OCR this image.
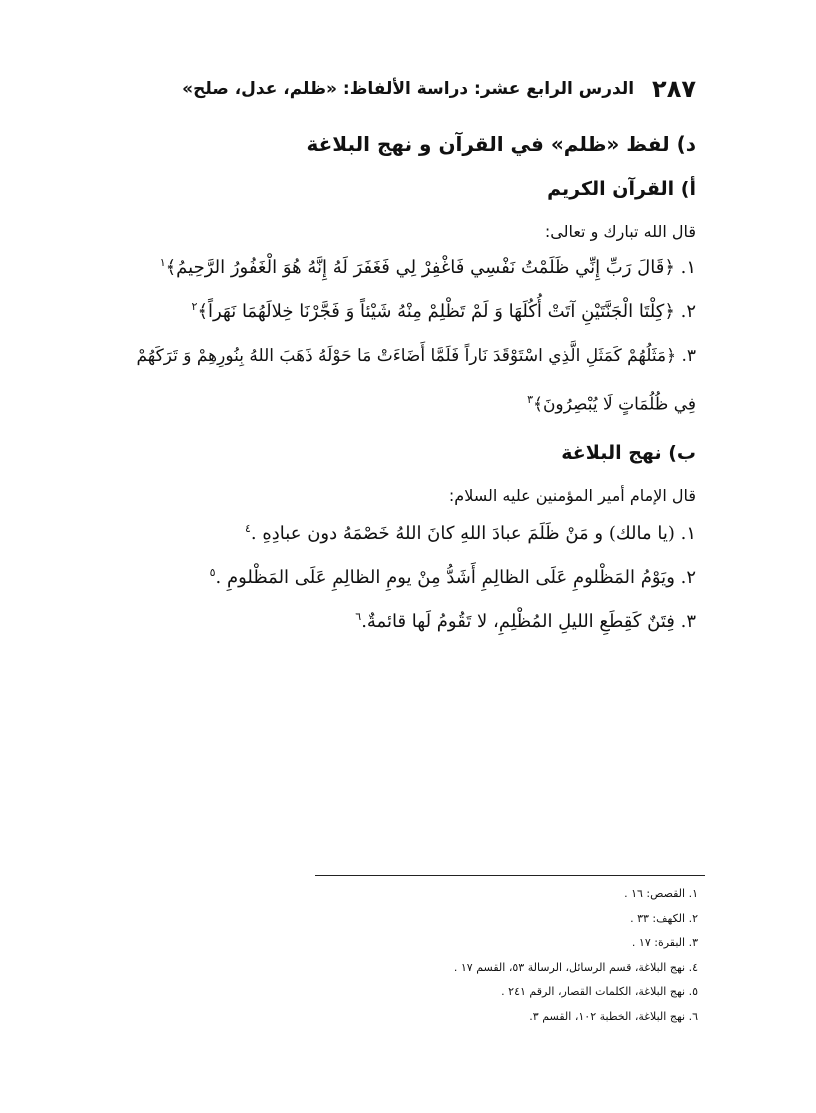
٢٨٧
الدرس الرابع عشر: دراسة الألفاظ: «ظلم، عدل، صلح»
د) لفظ «ظلم» في القرآن و نهج البلاغة
أ) القرآن الكريم
قال الله تبارك و تعالى:
١. ﴿قَالَ رَبِّ إِنِّي ظَلَمْتُ نَفْسِي فَاغْفِرْ لِي فَغَفَرَ لَهُ إِنَّهُ هُوَ الْغَفُورُ الرَّحِيمُ﴾$^١$
٢. ﴿كِلْتَا الْجَنَّتَيْنِ آتَتْ أُكُلَهَا وَ لَمْ تَظْلِمْ مِنْهُ شَيْئاً وَ فَجَّرْنَا خِلالَهُمَا نَهَراً﴾$^٢$
٣. ﴿مَثَلُهُمْ كَمَثَلِ الَّذِي اسْتَوْقَدَ نَاراً فَلَمَّا أَضَاءَتْ مَا حَوْلَهُ ذَهَبَ اللهُ بِنُورِهِمْ وَ تَرَكَهُمْ فِي ظُلُمَاتٍ لَا يُبْصِرُونَ﴾$^٣$
ب) نهج البلاغة
قال الإمام أمير المؤمنين عليه السلام:
١. (يا مالك) و مَنْ ظَلَمَ عبادَ اللهِ كانَ اللهُ خَصْمَهُ دون عبادِهِ .$^٤$
٢. ويَوْمُ المَظْلومِ عَلَى الظالِمِ أَشَدُّ مِنْ يومِ الظالِمِ عَلَى المَظْلومِ .$^٥$
٣. فِتَنٌ كَقِطَعِ الليلِ المُظْلِمِ، لا تَقُومُ لَها قائمةٌ.$^٦$
١. القصص: ١٦ .
٢. الكهف: ٣٣ .
٣. البقرة: ١٧ .
٤. نهج البلاغة، قسم الرسائل، الرسالة ٥٣، القسم ١٧ .
٥. نهج البلاغة، الكلمات القصار، الرقم ٢٤١ .
٦. نهج البلاغة، الخطبة ١٠٢، القسم ٣.
